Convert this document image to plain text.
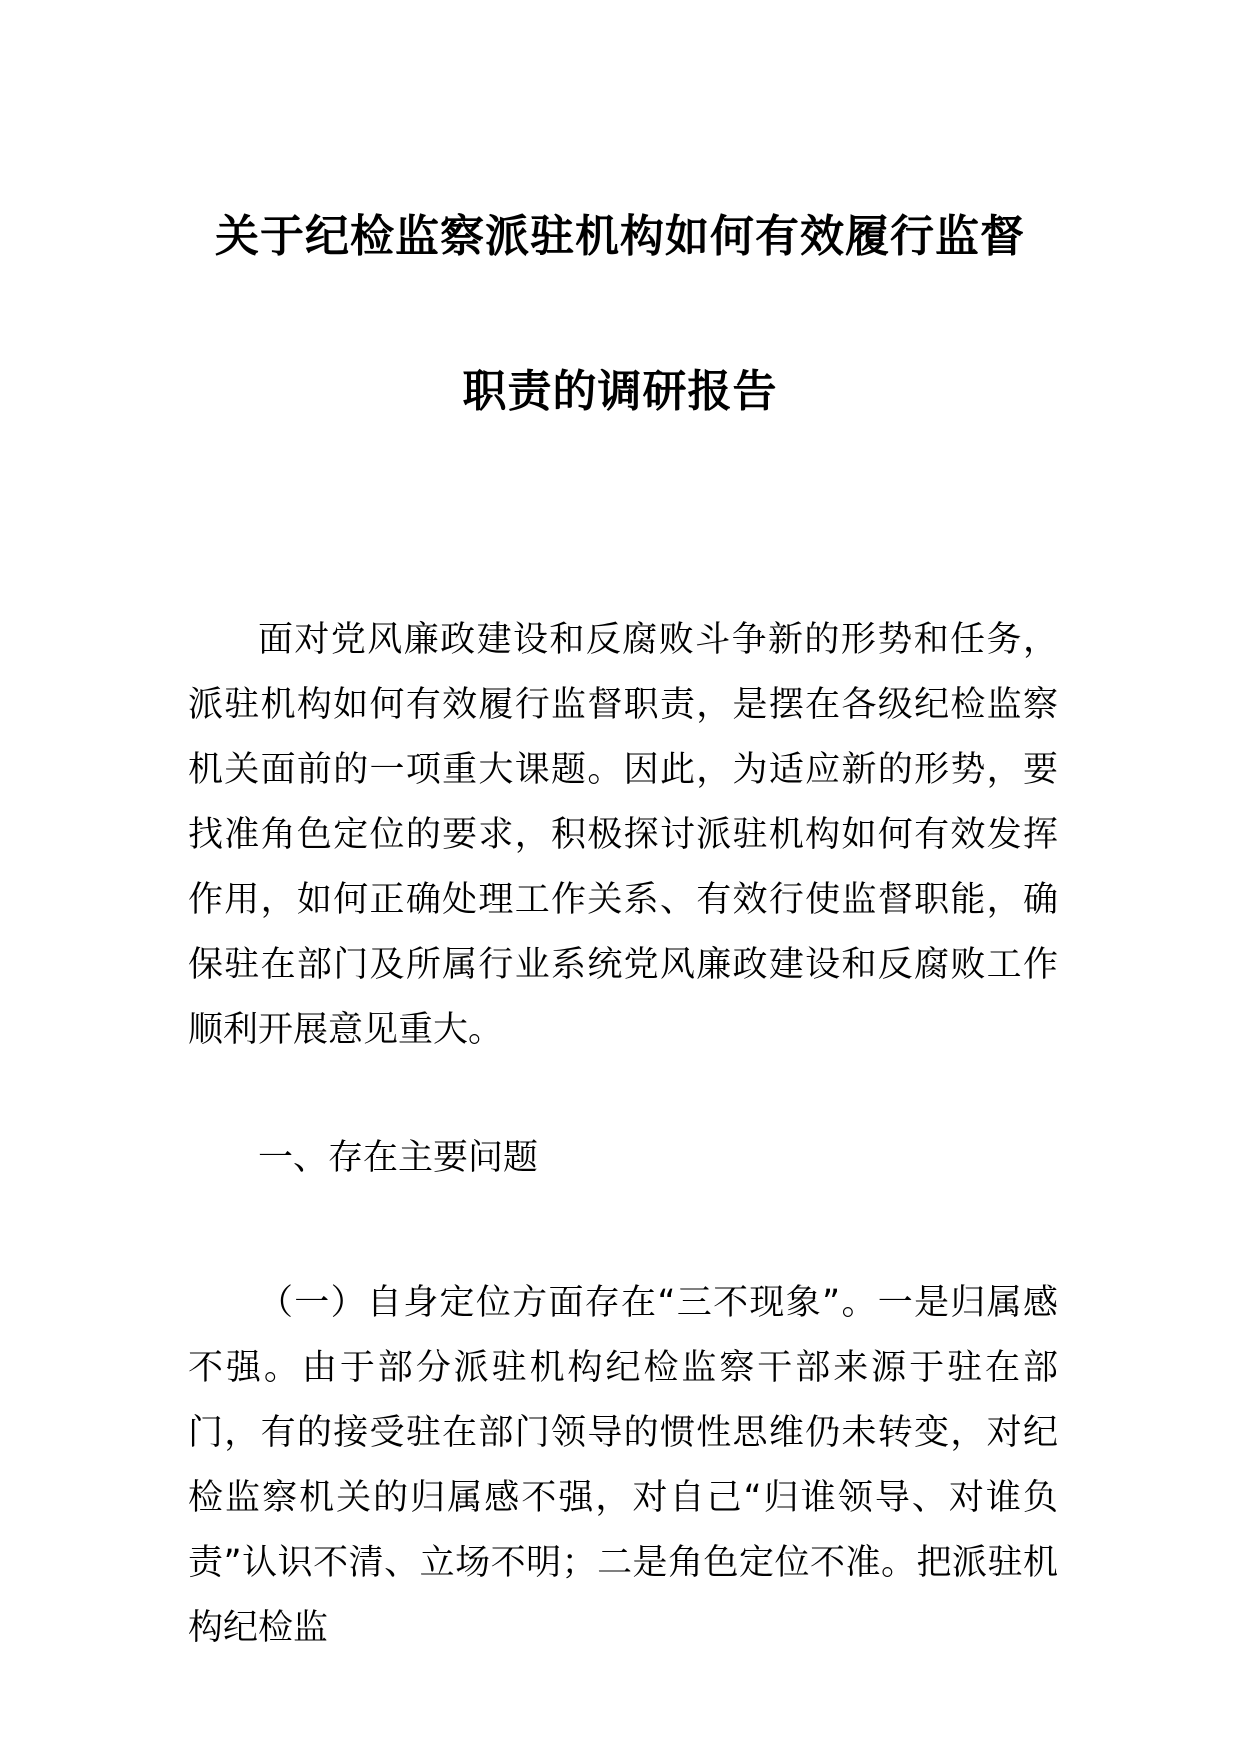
关于纪检监察派驻机构如何有效履行监督
职责的调研报告

面对党风廉政建设和反腐败斗争新的形势和任务，派驻机构如何有效履行监督职责，是摆在各级纪检监察机关面前的一项重大课题。因此，为适应新的形势，要找准角色定位的要求，积极探讨派驻机构如何有效发挥作用，如何正确处理工作关系、有效行使监督职能，确保驻在部门及所属行业系统党风廉政建设和反腐败工作顺利开展意见重大。

一、存在主要问题

（一）自身定位方面存在“三不现象”。一是归属感不强。由于部分派驻机构纪检监察干部来源于驻在部门，有的接受驻在部门领导的惯性思维仍未转变，对纪检监察机关的归属感不强，对自己“归谁领导、对谁负责”认识不清、立场不明；二是角色定位不准。把派驻机构纪检监
